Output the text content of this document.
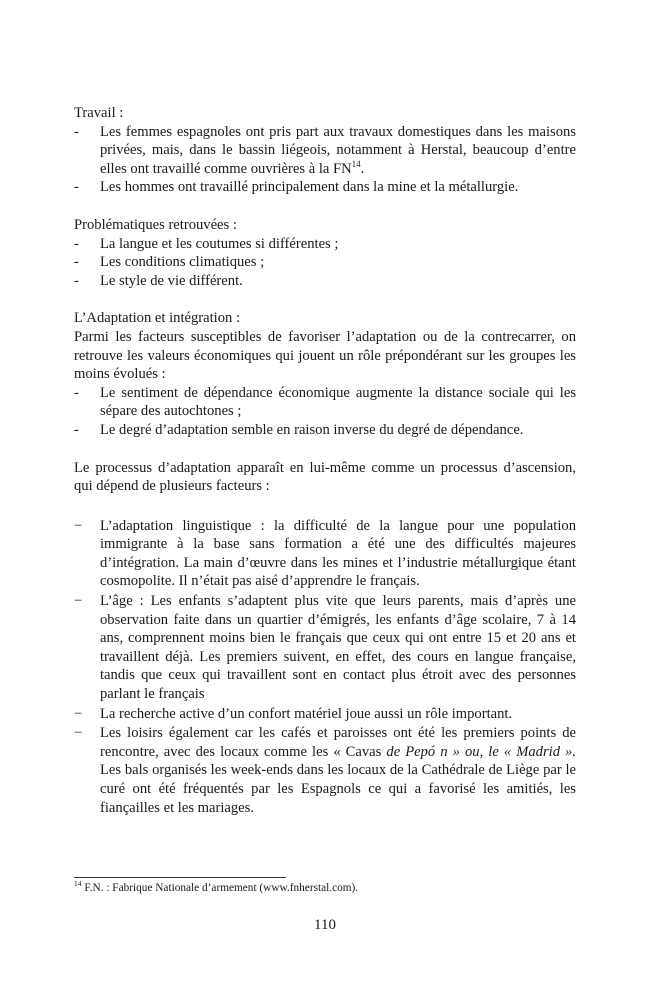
Travail :

- Les femmes espagnoles ont pris part aux travaux domestiques dans les maisons privées, mais, dans le bassin liégeois, notamment à Herstal, beaucoup d’entre elles ont travaillé comme ouvrières à la FN$^{14}$.
- Les hommes ont travaillé principalement dans la mine et la métallurgie.

Problématiques retrouvées :

- La langue et les coutumes si différentes ;
- Les conditions climatiques ;
- Le style de vie différent.

L’Adaptation et intégration :

Parmi les facteurs susceptibles de favoriser l’adaptation ou de la contrecarrer, on retrouve les valeurs économiques qui jouent un rôle prépondérant sur les groupes les moins évolués :

- Le sentiment de dépendance économique augmente la distance sociale qui les sépare des autochtones ;
- Le degré d’adaptation semble en raison inverse du degré de dépendance.

Le processus d’adaptation apparaît en lui-même comme un processus d’ascension, qui dépend de plusieurs facteurs :

− L’adaptation linguistique : la difficulté de la langue pour une population immigrante à la base sans formation a été une des difficultés majeures d’intégration. La main d’œuvre dans les mines et l’industrie métallurgique étant cosmopolite. Il n’était pas aisé d’apprendre le français.
− L’âge : Les enfants s’adaptent plus vite que leurs parents, mais d’après une observation faite dans un quartier d’émigrés, les enfants d’âge scolaire, 7 à 14 ans, comprennent moins bien le français que ceux qui ont entre 15 et 20 ans et travaillent déjà. Les premiers suivent, en effet, des cours en langue française, tandis que ceux qui travaillent sont en contact plus étroit avec des personnes parlant le français
− La recherche active d’un confort matériel joue aussi un rôle important.
− Les loisirs également car les cafés et paroisses ont été les premiers points de rencontre, avec des locaux comme les « Cavas de Pepó n » ou, le « Madrid ». Les bals organisés les week-ends dans les locaux de la Cathédrale de Liège par le curé ont été fréquentés par les Espagnols ce qui a favorisé les amitiés, les fiançailles et les mariages.
$^{14}$ F.N. : Fabrique Nationale d’armement (www.fnherstal.com).
110
